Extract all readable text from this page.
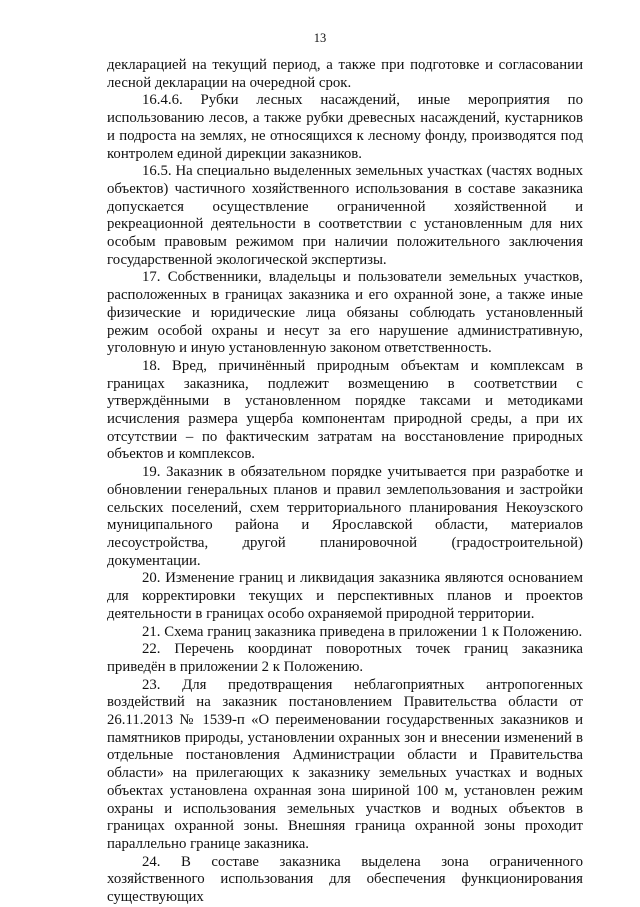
13

декларацией на текущий период, а также при подготовке и согласовании лесной декларации на очередной срок.

16.4.6. Рубки лесных насаждений, иные мероприятия по использованию лесов, а также рубки древесных насаждений, кустарников и подроста на землях, не относящихся к лесному фонду, производятся под контролем единой дирекции заказников.

16.5. На специально выделенных земельных участках (частях водных объектов) частичного хозяйственного использования в составе заказника допускается осуществление ограниченной хозяйственной и рекреационной деятельности в соответствии с установленным для них особым правовым режимом при наличии положительного заключения государственной экологической экспертизы.

17. Собственники, владельцы и пользователи земельных участков, расположенных в границах заказника и его охранной зоне, а также иные физические и юридические лица обязаны соблюдать установленный режим особой охраны и несут за его нарушение административную, уголовную и иную установленную законом ответственность.

18. Вред, причинённый природным объектам и комплексам в границах заказника, подлежит возмещению в соответствии с утверждёнными в установленном порядке таксами и методиками исчисления размера ущерба компонентам природной среды, а при их отсутствии – по фактическим затратам на восстановление природных объектов и комплексов.

19. Заказник в обязательном порядке учитывается при разработке и обновлении генеральных планов и правил землепользования и застройки сельских поселений, схем территориального планирования Некоузского муниципального района и Ярославской области, материалов лесоустройства, другой планировочной (градостроительной) документации.

20. Изменение границ и ликвидация заказника являются основанием для корректировки текущих и перспективных планов и проектов деятельности в границах особо охраняемой природной территории.

21. Схема границ заказника приведена в приложении 1 к Положению.

22. Перечень координат поворотных точек границ заказника приведён в приложении 2 к Положению.

23. Для предотвращения неблагоприятных антропогенных воздействий на заказник постановлением Правительства области от 26.11.2013 № 1539-п «О переименовании государственных заказников и памятников природы, установлении охранных зон и внесении изменений в отдельные постановления Администрации области и Правительства области» на прилегающих к заказнику земельных участках и водных объектах установлена охранная зона шириной 100 м, установлен режим охраны и использования земельных участков и водных объектов в границах охранной зоны. Внешняя граница охранной зоны проходит параллельно границе заказника.

24. В составе заказника выделена зона ограниченного хозяйственного использования для обеспечения функционирования существующих
